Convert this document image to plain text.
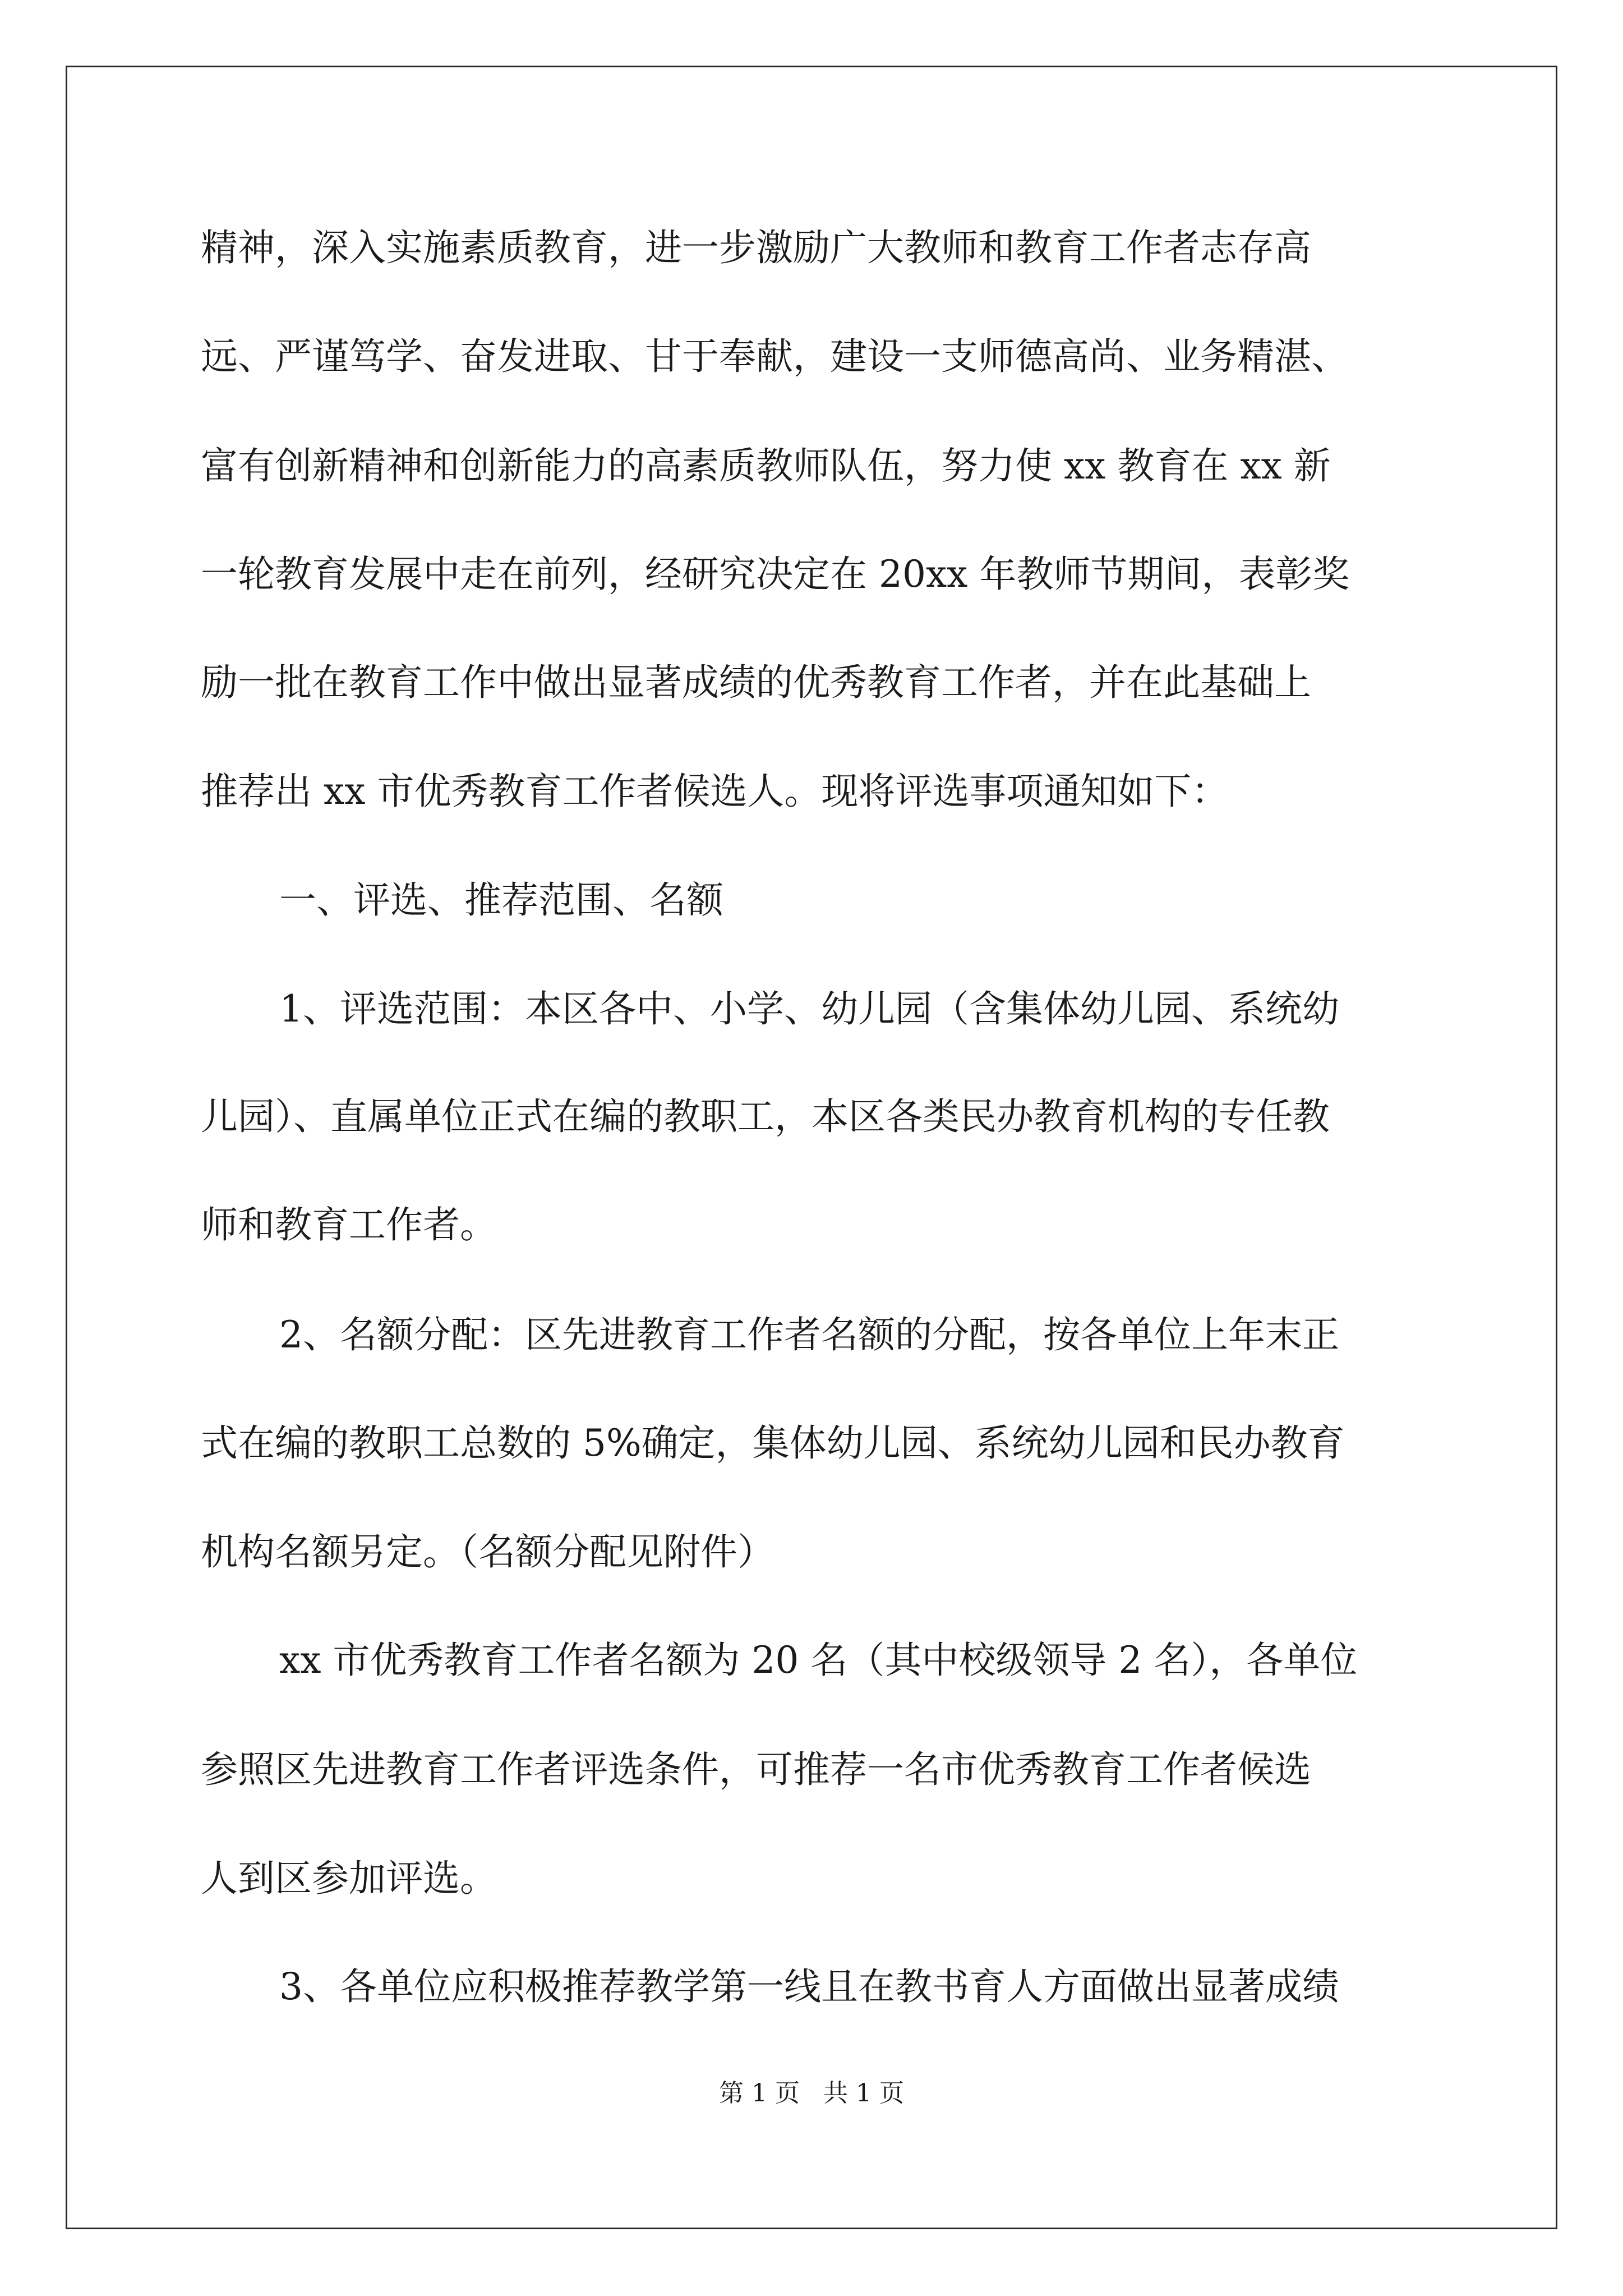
精神，深入实施素质教育，进一步激励广大教师和教育工作者志存高

远、严谨笃学、奋发进取、甘于奉献，建设一支师德高尚、业务精湛、

富有创新精神和创新能力的高素质教师队伍，努力使 xx 教育在 xx 新

一轮教育发展中走在前列，经研究决定在 20xx 年教师节期间，表彰奖

励一批在教育工作中做出显著成绩的优秀教育工作者，并在此基础上

推荐出 xx 市优秀教育工作者候选人。现将评选事项通知如下：

一、评选、推荐范围、名额

1、评选范围：本区各中、小学、幼儿园（含集体幼儿园、系统幼

儿园）、直属单位正式在编的教职工，本区各类民办教育机构的专任教

师和教育工作者。

2、名额分配：区先进教育工作者名额的分配，按各单位上年末正

式在编的教职工总数的 5%确定，集体幼儿园、系统幼儿园和民办教育

机构名额另定。（名额分配见附件）

xx 市优秀教育工作者名额为 20 名（其中校级领导 2 名），各单位

参照区先进教育工作者评选条件，可推荐一名市优秀教育工作者候选

人到区参加评选。

3、各单位应积极推荐教学第一线且在教书育人方面做出显著成绩

第 1 页   共 1 页
